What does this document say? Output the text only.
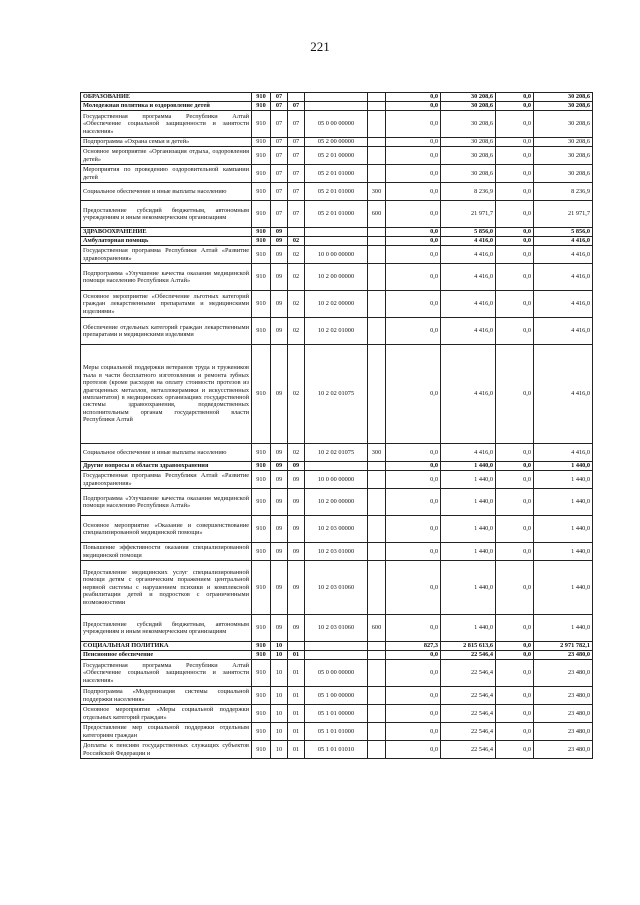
221
ОБРАЗОВАНИЕ	910	07				0,0	30 208,6	0,0	30 208,6
Молодежная политика и оздоровление детей	910	07	07			0,0	30 208,6	0,0	30 208,6
Государственная программа Республики Алтай «Обеспечение социальной защищенности и занятости населения»	910	07	07	05 0 00 00000		0,0	30 208,6	0,0	30 208,6
Подпрограмма «Охрана семьи и детей»	910	07	07	05 2 00 00000		0,0	30 208,6	0,0	30 208,6
Основное мероприятие «Организация отдыха, оздоровления детей»	910	07	07	05 2 01 00000		0,0	30 208,6	0,0	30 208,6
Мероприятия по проведению оздоровительной кампании детей	910	07	07	05 2 01 01000		0,0	30 208,6	0,0	30 208,6
Социальное обеспечение и иные выплаты населению	910	07	07	05 2 01 01000	300	0,0	8 236,9	0,0	8 236,9
Предоставление субсидий бюджетным, автономным учреждениям и иным некоммерческим организациям	910	07	07	05 2 01 01000	600	0,0	21 971,7	0,0	21 971,7
ЗДРАВООХРАНЕНИЕ	910	09				0,0	5 856,0	0,0	5 856,0
Амбулаторная помощь	910	09	02			0,0	4 416,0	0,0	4 416,0
Государственная программа Республики Алтай «Развитие здравоохранения»	910	09	02	10 0 00 00000		0,0	4 416,0	0,0	4 416,0
Подпрограмма «Улучшение качества оказания медицинской помощи населению Республики Алтай»	910	09	02	10 2 00 00000		0,0	4 416,0	0,0	4 416,0
Основное мероприятие «Обеспечение льготных категорий граждан лекарственными препаратами и медицинскими изделиями»	910	09	02	10 2 02 00000		0,0	4 416,0	0,0	4 416,0
Обеспечение отдельных категорий граждан лекарственными препаратами и медицинскими изделиями	910	09	02	10 2 02 01000		0,0	4 416,0	0,0	4 416,0
Меры социальной поддержки ветеранов труда и тружеников тыла в части бесплатного изготовления и ремонта зубных протезов (кроме расходов на оплату стоимости протезов из драгоценных металлов, металлокерамики и искусственных имплантатов) в медицинских организациях государственной системы здравоохранения, подведомственных исполнительным органам государственной власти Республики Алтай	910	09	02	10 2 02 01075		0,0	4 416,0	0,0	4 416,0
Социальное обеспечение и иные выплаты населению	910	09	02	10 2 02 01075	300	0,0	4 416,0	0,0	4 416,0
Другие вопросы в области здравоохранения	910	09	09			0,0	1 440,0	0,0	1 440,0
Государственная программа Республики Алтай «Развитие здравоохранения»	910	09	09	10 0 00 00000		0,0	1 440,0	0,0	1 440,0
Подпрограмма «Улучшение качества оказания медицинской помощи населению Республики Алтай»	910	09	09	10 2 00 00000		0,0	1 440,0	0,0	1 440,0
Основное мероприятие «Оказание и совершенствование специализированной медицинской помощи»	910	09	09	10 2 03 00000		0,0	1 440,0	0,0	1 440,0
Повышение эффективности оказания специализированной медицинской помощи	910	09	09	10 2 03 01000		0,0	1 440,0	0,0	1 440,0
Предоставление медицинских услуг специализированной помощи детям с органическим поражением центральной нервной системы с нарушением психики и комплексной реабилитации детей и подростков с ограниченными возможностями	910	09	09	10 2 03 01060		0,0	1 440,0	0,0	1 440,0
Предоставление субсидий бюджетным, автономным учреждениям и иным некоммерческим организациям	910	09	09	10 2 03 01060	600	0,0	1 440,0	0,0	1 440,0
СОЦИАЛЬНАЯ ПОЛИТИКА	910	10				827,3	2 815 613,6	0,0	2 971 782,1
Пенсионное обеспечение	910	10	01			0,0	22 546,4	0,0	23 480,0
Государственная программа Республики Алтай «Обеспечение социальной защищенности и занятости населения»	910	10	01	05 0 00 00000		0,0	22 546,4	0,0	23 480,0
Подпрограмма «Модернизация системы социальной поддержки населения»	910	10	01	05 1 00 00000		0,0	22 546,4	0,0	23 480,0
Основное мероприятие «Меры социальной поддержки отдельных категорий граждан»	910	10	01	05 1 01 00000		0,0	22 546,4	0,0	23 480,0
Предоставление мер социальной поддержки отдельным категориям граждан	910	10	01	05 1 01 01000		0,0	22 546,4	0,0	23 480,0
Доплаты к пенсиям государственных служащих субъектов Российской Федерации и	910	10	01	05 1 01 01010		0,0	22 546,4	0,0	23 480,0
